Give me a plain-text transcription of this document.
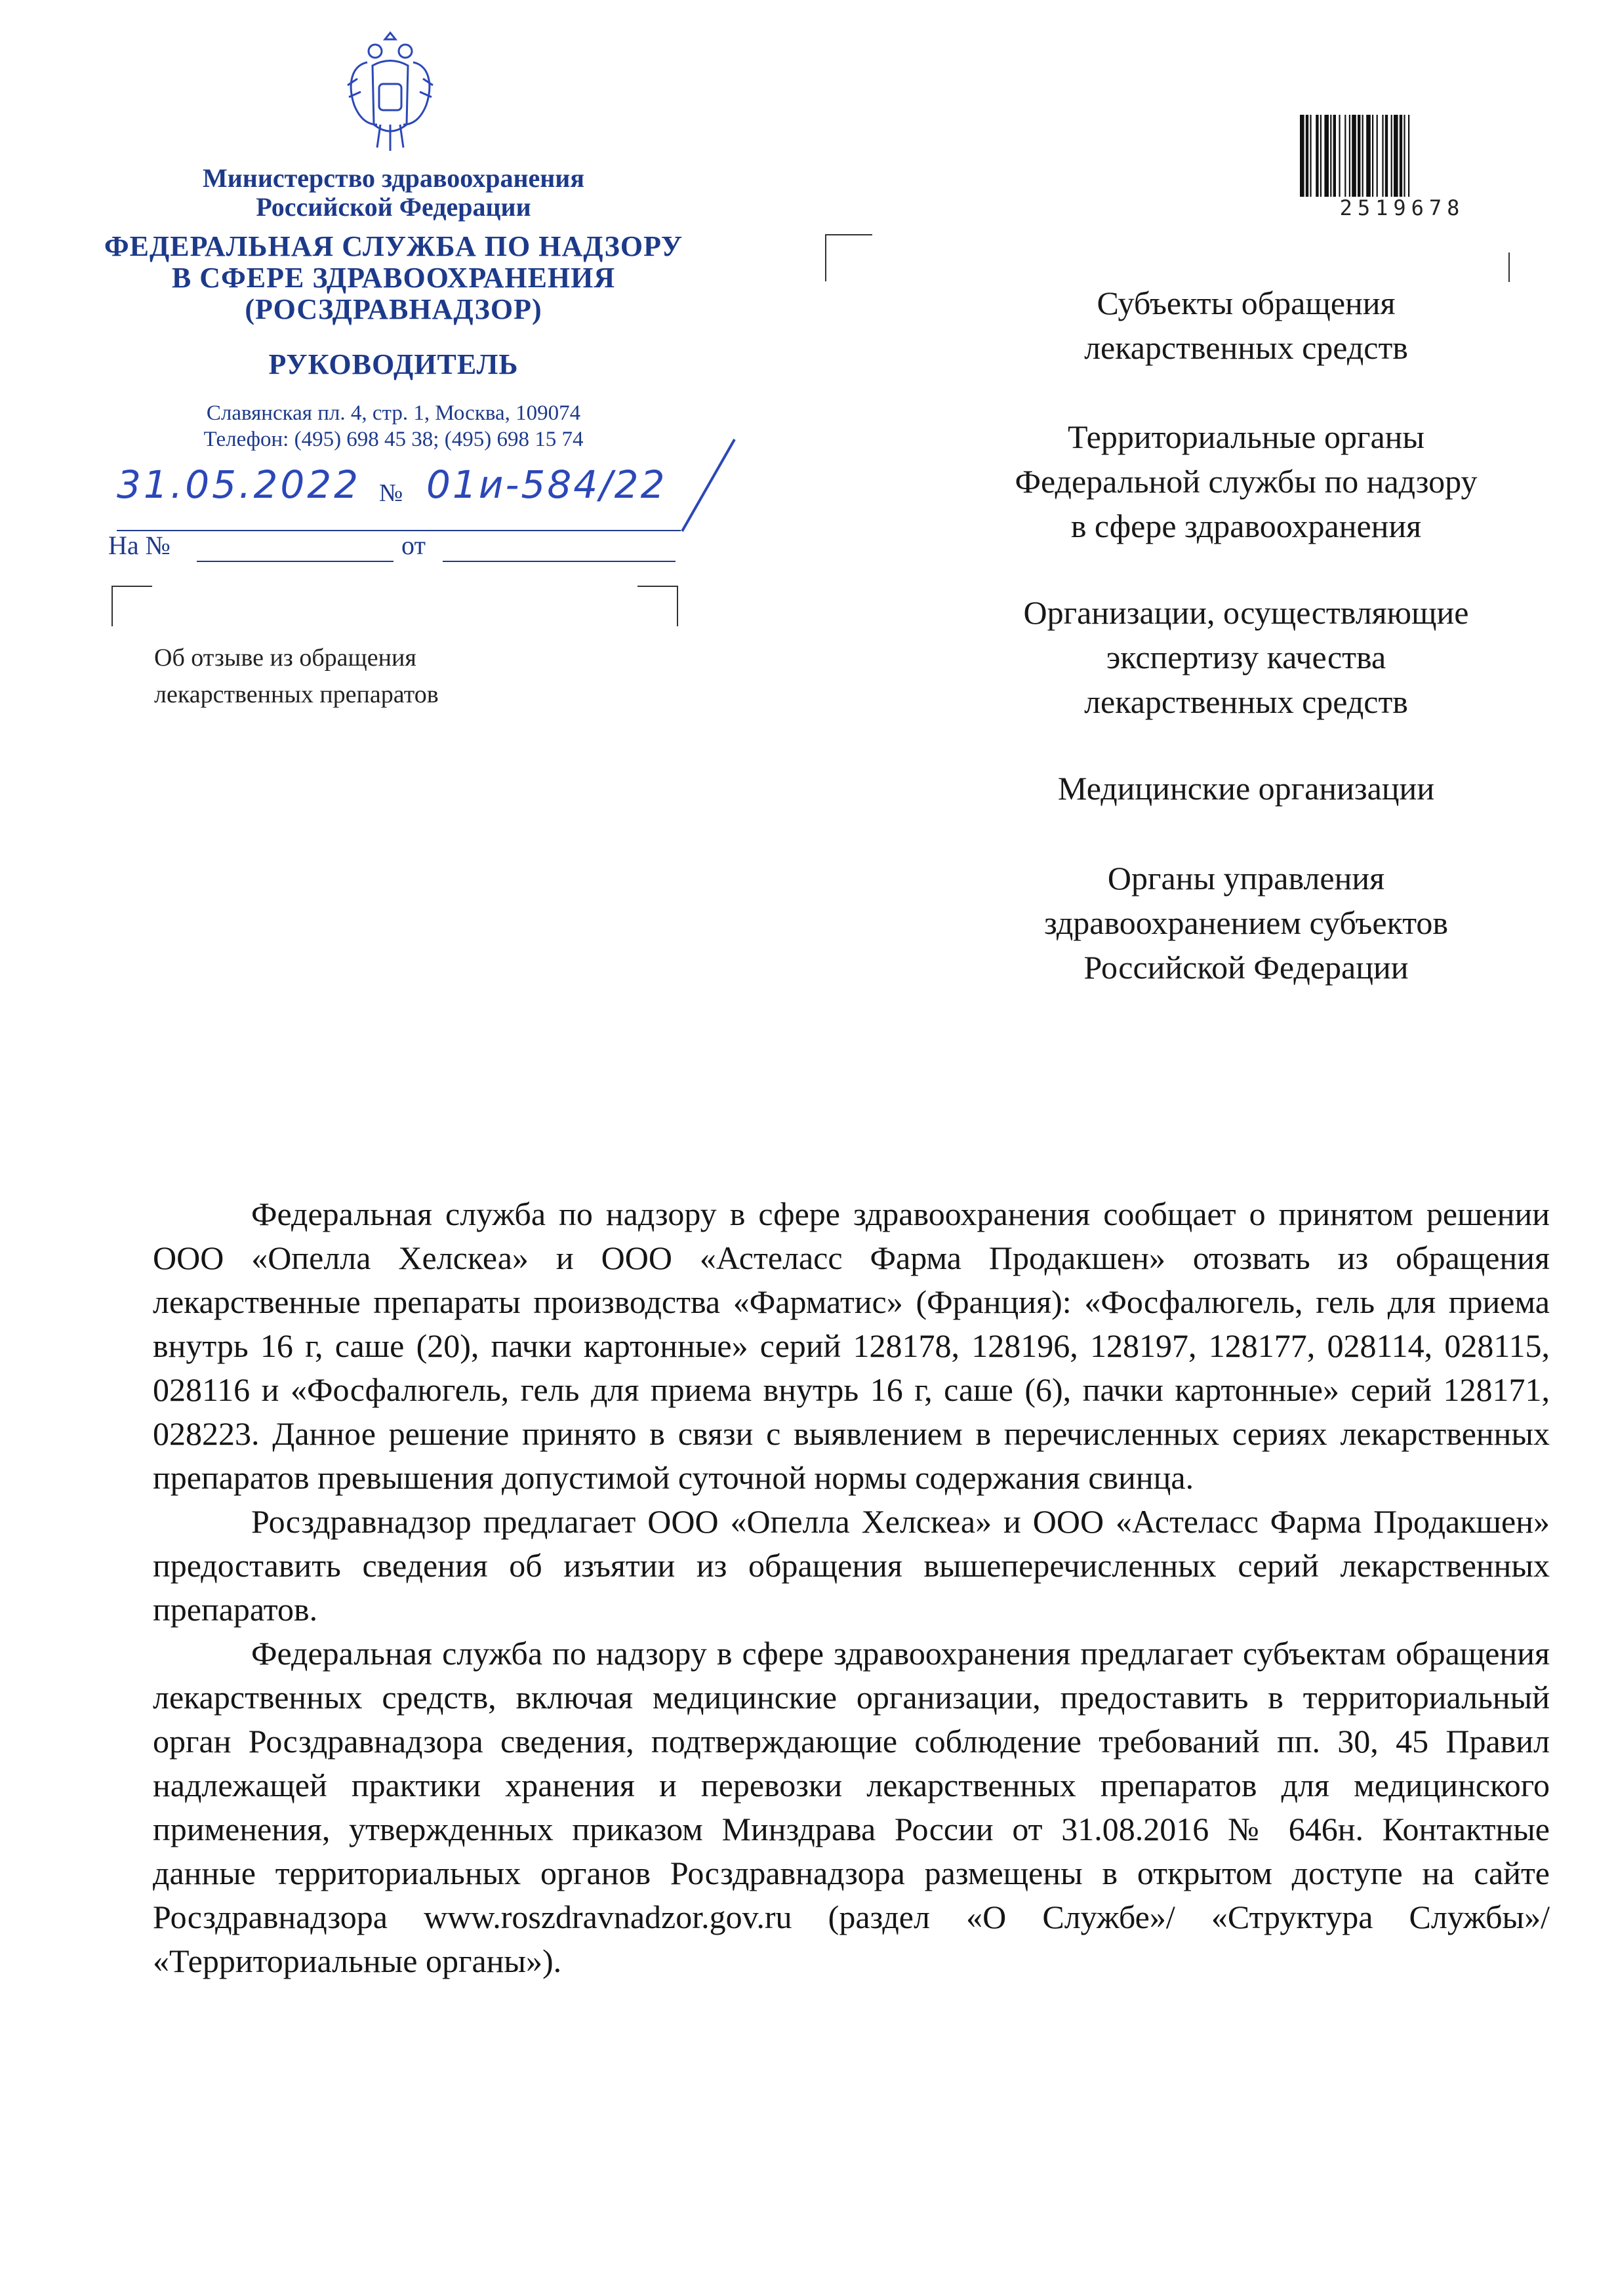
Министерство здравоохранения
Российской Федерации
ФЕДЕРАЛЬНАЯ СЛУЖБА ПО НАДЗОРУ
В СФЕРЕ ЗДРАВООХРАНЕНИЯ
(РОСЗДРАВНАДЗОР)
РУКОВОДИТЕЛЬ
Славянская пл. 4, стр. 1, Москва, 109074
Телефон: (495) 698 45 38; (495) 698 15 74
31.05.2022 № 01и-584/22
На №	от
Об отзыве из обращения
лекарственных препаратов
2519678
Субъекты обращения
лекарственных средств
Территориальные органы
Федеральной службы по надзору
в сфере здравоохранения
Организации, осуществляющие
экспертизу качества
лекарственных средств
Медицинские организации
Органы управления
здравоохранением субъектов
Российской Федерации

Федеральная служба по надзору в сфере здравоохранения сообщает о принятом решении ООО «Опелла Хелскеа» и ООО «Астеласс Фарма Продакшен» отозвать из обращения лекарственные препараты производства «Фарматис» (Франция): «Фосфалюгель, гель для приема внутрь 16 г, саше (20), пачки картонные» серий 128178, 128196, 128197, 128177, 028114, 028115, 028116 и «Фосфалюгель, гель для приема внутрь 16 г, саше (6), пачки картонные» серий 128171, 028223. Данное решение принято в связи с выявлением в перечисленных сериях лекарственных препаратов превышения допустимой суточной нормы содержания свинца.

Росздравнадзор предлагает ООО «Опелла Хелскеа» и ООО «Астеласс Фарма Продакшен» предоставить сведения об изъятии из обращения вышеперечисленных серий лекарственных препаратов.

Федеральная служба по надзору в сфере здравоохранения предлагает субъектам обращения лекарственных средств, включая медицинские организации, предоставить в территориальный орган Росздравнадзора сведения, подтверждающие соблюдение требований пп. 30, 45 Правил надлежащей практики хранения и перевозки лекарственных препаратов для медицинского применения, утвержденных приказом Минздрава России от 31.08.2016 № 646н. Контактные данные территориальных органов Росздравнадзора размещены в открытом доступе на сайте Росздравнадзора www.roszdravnadzor.gov.ru (раздел «О Службе»/ «Структура Службы»/ «Территориальные органы»).
